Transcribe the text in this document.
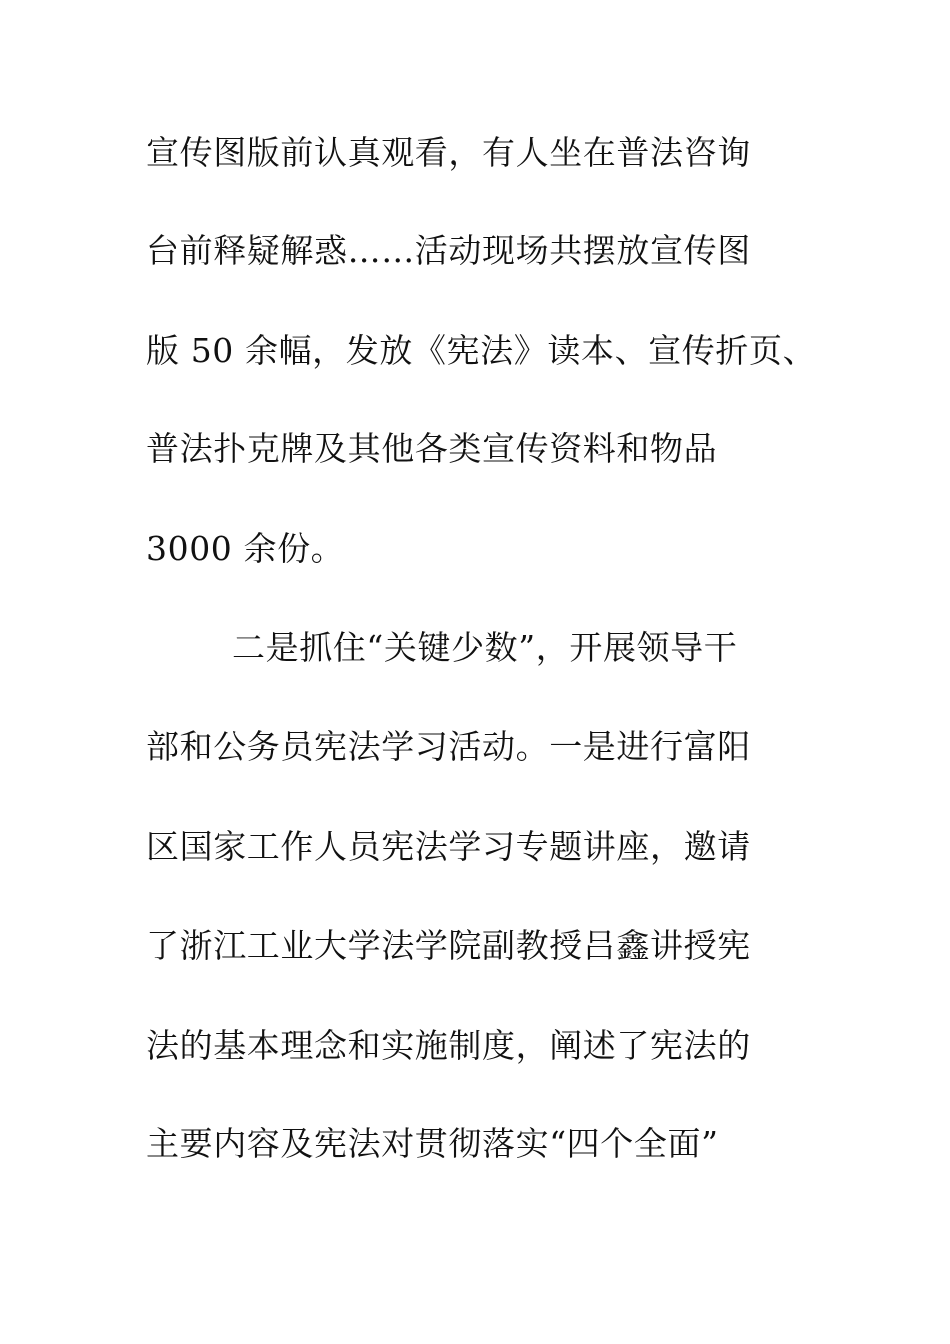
宣传图版前认真观看，有人坐在普法咨询
台前释疑解惑……活动现场共摆放宣传图
版 50 余幅，发放《宪法》读本、宣传折页、
普法扑克牌及其他各类宣传资料和物品
3000 余份。
二是抓住“关键少数”，开展领导干
部和公务员宪法学习活动。一是进行富阳
区国家工作人员宪法学习专题讲座，邀请
了浙江工业大学法学院副教授吕鑫讲授宪
法的基本理念和实施制度，阐述了宪法的
主要内容及宪法对贯彻落实“四个全面”
